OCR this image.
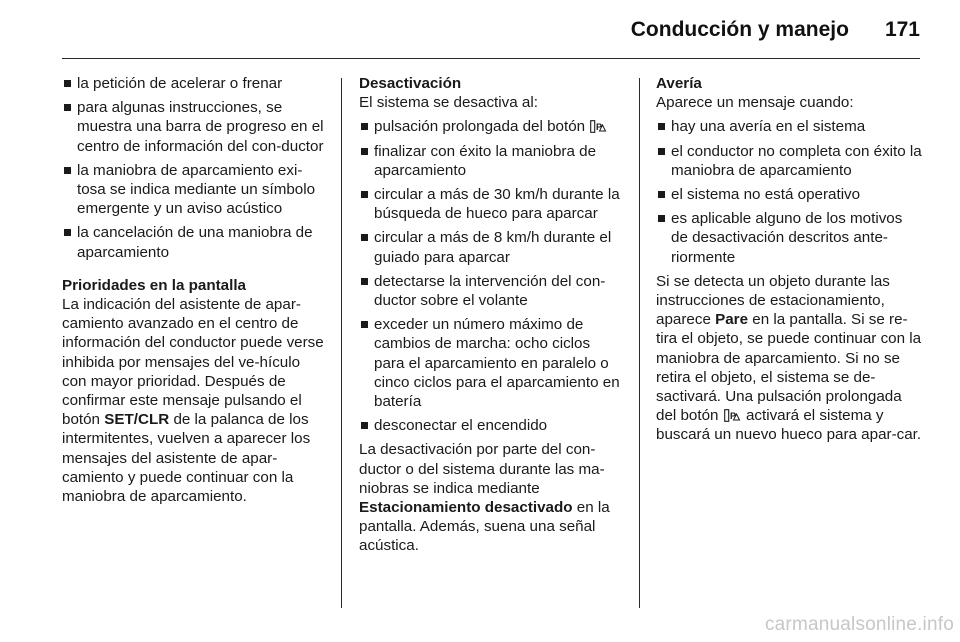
Conducción y manejo 171
la petición de acelerar o frenar
para algunas instrucciones, se muestra una barra de progreso en el centro de información del con-ductor
la maniobra de aparcamiento exi-tosa se indica mediante un símbolo emergente y un aviso acústico
la cancelación de una maniobra de aparcamiento
Prioridades en la pantalla
La indicación del asistente de apar-camiento avanzado en el centro de información del conductor puede verse inhibida por mensajes del ve-hículo con mayor prioridad. Después de confirmar este mensaje pulsando el botón SET/CLR de la palanca de los intermitentes, vuelven a aparecer los mensajes del asistente de apar-camiento y puede continuar con la maniobra de aparcamiento.
Desactivación
El sistema se desactiva al:
pulsación prolongada del botón P
finalizar con éxito la maniobra de aparcamiento
circular a más de 30 km/h durante la búsqueda de hueco para aparcar
circular a más de 8 km/h durante el guiado para aparcar
detectarse la intervención del con-ductor sobre el volante
exceder un número máximo de cambios de marcha: ocho ciclos para el aparcamiento en paralelo o cinco ciclos para el aparcamiento en batería
desconectar el encendido
La desactivación por parte del con-ductor o del sistema durante las ma-niobras se indica mediante Estacionamiento desactivado en la pantalla. Además, suena una señal acústica.
Avería
Aparece un mensaje cuando:
hay una avería en el sistema
el conductor no completa con éxito la maniobra de aparcamiento
el sistema no está operativo
es aplicable alguno de los motivos de desactivación descritos ante-riormente
Si se detecta un objeto durante las instrucciones de estacionamiento, aparece Pare en la pantalla. Si se re-tira el objeto, se puede continuar con la maniobra de aparcamiento. Si no se retira el objeto, el sistema se de-sactivará. Una pulsación prolongada del botón P activará el sistema y buscará un nuevo hueco para apar-car.
carmanualsonline.info
